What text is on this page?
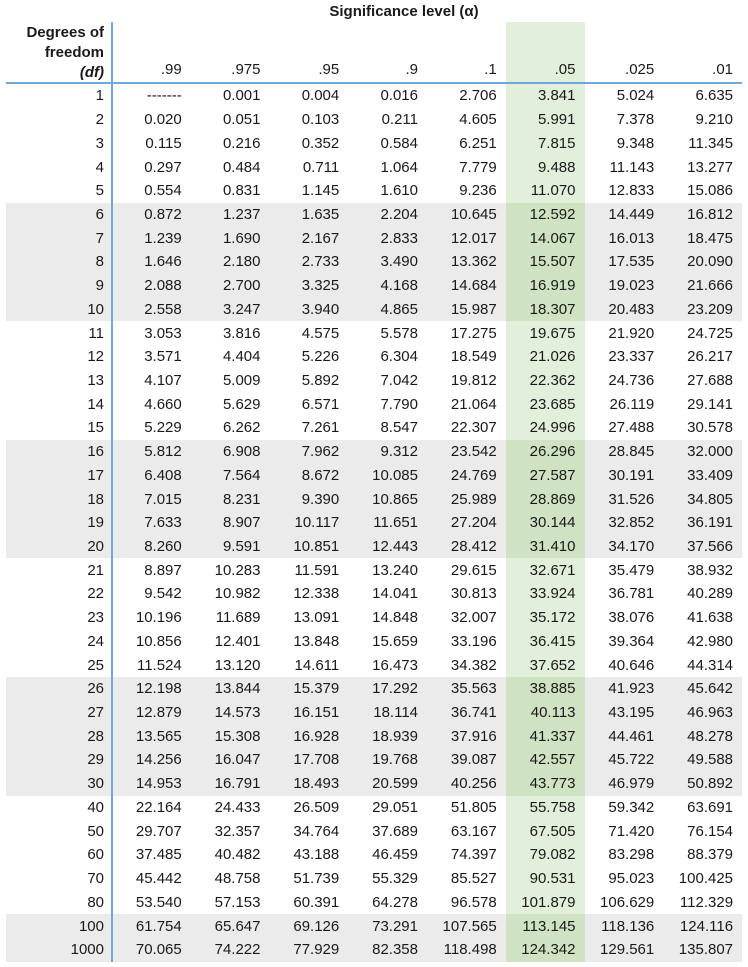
Significance level (α)								

Degrees of
freedom
(df)	.99	.975	.95	.9	.1	.05	.025	.01
1	-------	0.001	0.004	0.016	2.706	3.841	5.024	6.635
2	0.020	0.051	0.103	0.211	4.605	5.991	7.378	9.210
3	0.115	0.216	0.352	0.584	6.251	7.815	9.348	11.345
4	0.297	0.484	0.711	1.064	7.779	9.488	11.143	13.277
5	0.554	0.831	1.145	1.610	9.236	11.070	12.833	15.086
6	0.872	1.237	1.635	2.204	10.645	12.592	14.449	16.812
7	1.239	1.690	2.167	2.833	12.017	14.067	16.013	18.475
8	1.646	2.180	2.733	3.490	13.362	15.507	17.535	20.090
9	2.088	2.700	3.325	4.168	14.684	16.919	19.023	21.666
10	2.558	3.247	3.940	4.865	15.987	18.307	20.483	23.209
11	3.053	3.816	4.575	5.578	17.275	19.675	21.920	24.725
12	3.571	4.404	5.226	6.304	18.549	21.026	23.337	26.217
13	4.107	5.009	5.892	7.042	19.812	22.362	24.736	27.688
14	4.660	5.629	6.571	7.790	21.064	23.685	26.119	29.141
15	5.229	6.262	7.261	8.547	22.307	24.996	27.488	30.578
16	5.812	6.908	7.962	9.312	23.542	26.296	28.845	32.000
17	6.408	7.564	8.672	10.085	24.769	27.587	30.191	33.409
18	7.015	8.231	9.390	10.865	25.989	28.869	31.526	34.805
19	7.633	8.907	10.117	11.651	27.204	30.144	32.852	36.191
20	8.260	9.591	10.851	12.443	28.412	31.410	34.170	37.566
21	8.897	10.283	11.591	13.240	29.615	32.671	35.479	38.932
22	9.542	10.982	12.338	14.041	30.813	33.924	36.781	40.289
23	10.196	11.689	13.091	14.848	32.007	35.172	38.076	41.638
24	10.856	12.401	13.848	15.659	33.196	36.415	39.364	42.980
25	11.524	13.120	14.611	16.473	34.382	37.652	40.646	44.314
26	12.198	13.844	15.379	17.292	35.563	38.885	41.923	45.642
27	12.879	14.573	16.151	18.114	36.741	40.113	43.195	46.963
28	13.565	15.308	16.928	18.939	37.916	41.337	44.461	48.278
29	14.256	16.047	17.708	19.768	39.087	42.557	45.722	49.588
30	14.953	16.791	18.493	20.599	40.256	43.773	46.979	50.892
40	22.164	24.433	26.509	29.051	51.805	55.758	59.342	63.691
50	29.707	32.357	34.764	37.689	63.167	67.505	71.420	76.154
60	37.485	40.482	43.188	46.459	74.397	79.082	83.298	88.379
70	45.442	48.758	51.739	55.329	85.527	90.531	95.023	100.425
80	53.540	57.153	60.391	64.278	96.578	101.879	106.629	112.329
100	61.754	65.647	69.126	73.291	107.565	113.145	118.136	124.116
1000	70.065	74.222	77.929	82.358	118.498	124.342	129.561	135.807
